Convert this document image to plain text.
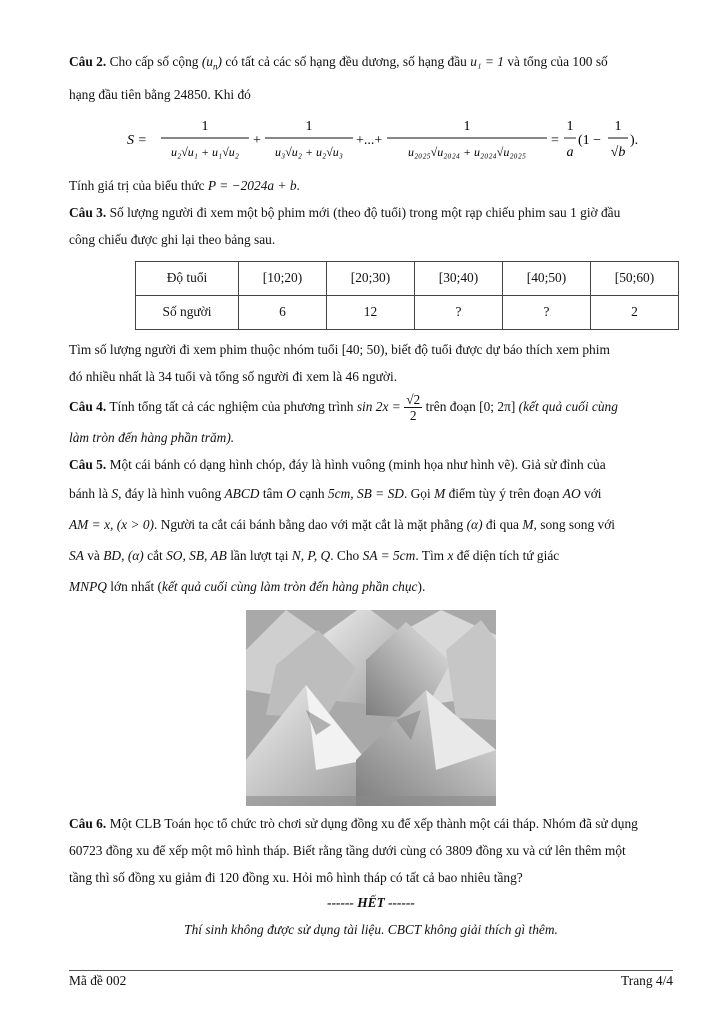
Câu 2. Cho cấp số cộng $(u_n)$ có tất cả các số hạng đều dương, số hạng đầu u₁ = 1 và tổng của 100 số

hạng đầu tiên bằng 24850. Khi đó

S =
1
u₂√u₁ + u₁√u₂
+
1
u₃√u₂ + u₂√u₃
+...+
1
u₂₀₂₅√u₂₀₂₄ + u₂₀₂₄√u₂₀₂₅
=
1
a
(1 −
1
√b
).

Tính giá trị của biểu thức P = −2024a + b.

Câu 3. Số lượng người đi xem một bộ phim mới (theo độ tuổi) trong một rạp chiếu phim sau 1 giờ đầu

công chiếu được ghi lại theo bảng sau.

Độ tuổi	[10;20)	[20;30)	[30;40)	[40;50)	[50;60)
Số người	6	12	?	?	2

Tìm số lượng người đi xem phim thuộc nhóm tuổi [40; 50), biết độ tuổi được dự báo thích xem phim

đó nhiều nhất là 34 tuổi và tổng số người đi xem là 46 người.

Câu 4. Tính tổng tất cả các nghiệm của phương trình $\sin 2x = \frac{√2}{2}$ trên đoạn [0; 2π] (kết quả cuối cùng

làm tròn đến hàng phần trăm).

Câu 5. Một cái bánh có dạng hình chóp, đáy là hình vuông (minh họa như hình vẽ). Giả sử đỉnh của

bánh là S, đáy là hình vuông ABCD tâm O cạnh 5cm, SB = SD. Gọi M điểm tùy ý trên đoạn AO với

AM = x, (x > 0). Người ta cắt cái bánh bằng dao với mặt cắt là mặt phẳng (α) đi qua M, song song với

SA và BD, (α) cắt SO, SB, AB lần lượt tại N, P, Q. Cho SA = 5cm. Tìm x để diện tích tứ giác

MNPQ lớn nhất (kết quả cuối cùng làm tròn đến hàng phần chục).

Câu 6. Một CLB Toán học tổ chức trò chơi sử dụng đồng xu để xếp thành một cái tháp. Nhóm đã sử dụng

60723 đồng xu để xếp một mô hình tháp. Biết rằng tầng dưới cùng có 3809 đồng xu và cứ lên thêm một

tầng thì số đồng xu giảm đi 120 đồng xu. Hỏi mô hình tháp có tất cả bao nhiêu tầng?

------ HẾT ------
Thí sinh không được sử dụng tài liệu. CBCT không giải thích gì thêm.
Mã đề 002	Trang 4/4
